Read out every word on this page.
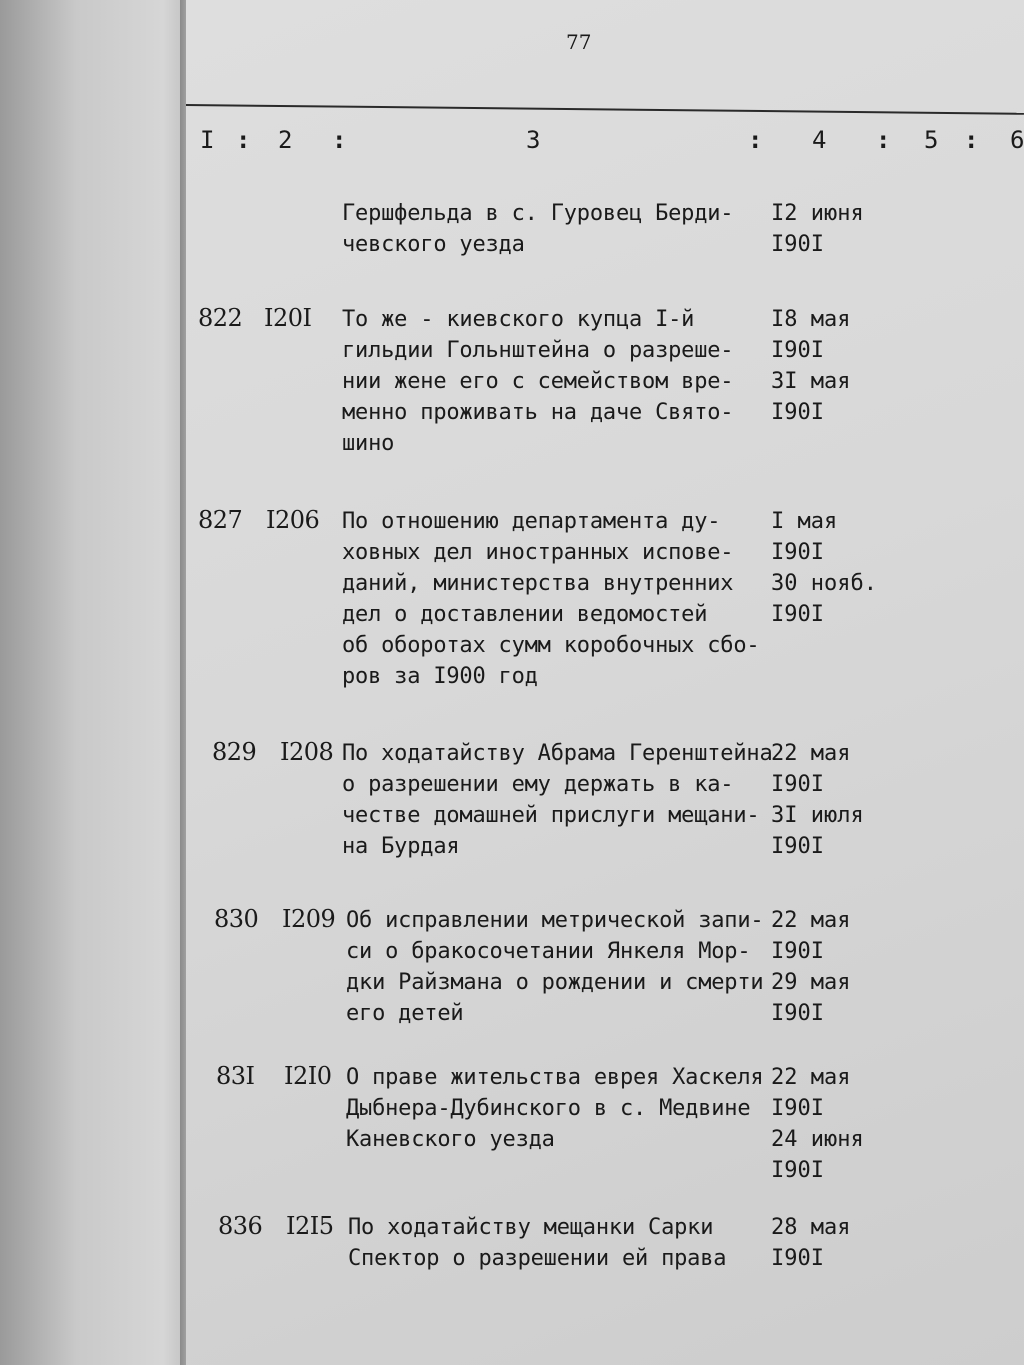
77
I : 2 :	3	: 4 : 5 : 6
Гершфельда в с. Гуровец Берди-
чевского уезда
I2 июня
I90I
822 I20I То же - киевского купца I-й
гильдии Гольнштейна о разреше-
нии жене его с семейством вре-
менно проживать на даче Свято-
шино
I8 мая
I90I
3I мая
I90I
827 I206 По отношению департамента ду-
ховных дел иностранных испове-
даний, министерства внутренних
дел о доставлении ведомостей
об оборотах сумм коробочных сбо-
ров за I900 год
I мая
I90I
30 нояб.
I90I
829 I208 По ходатайству Абрама Геренштейна
о разрешении ему держать в ка-
честве домашней прислуги мещани-
на Бурдая
22 мая
I90I
3I июля
I90I
830 I209 Об исправлении метрической запи-
си о бракосочетании Янкеля Мор-
дки Райзмана о рождении и смерти
его детей
22 мая
I90I
29 мая
I90I
83I I2I0 О праве жительства еврея Хаскеля
Дыбнера-Дубинского в с. Медвине
Каневского уезда
22 мая
I90I
24 июня
I90I
836 I2I5 По ходатайству мещанки Сарки
Спектор о разрешении ей права
28 мая
I90I
